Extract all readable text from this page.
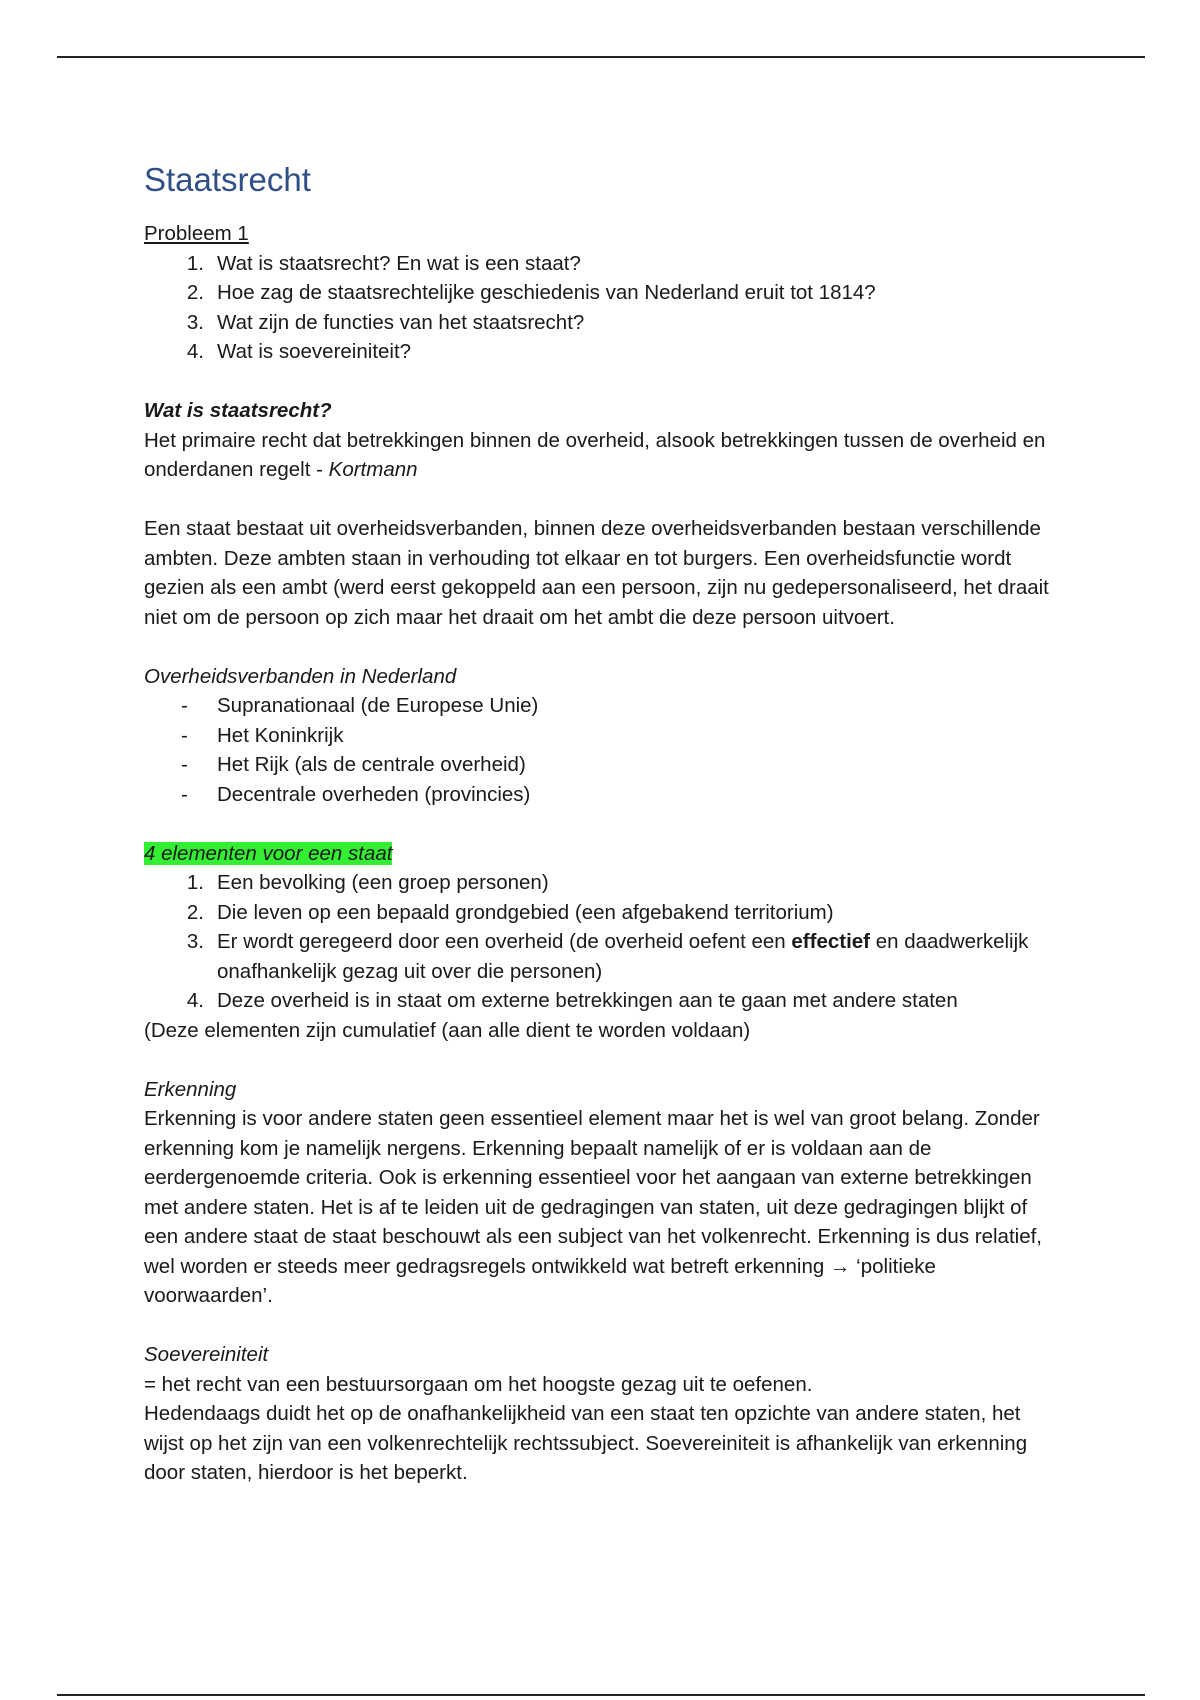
Staatsrecht

Probleem 1

1. Wat is staatsrecht? En wat is een staat?
2. Hoe zag de staatsrechtelijke geschiedenis van Nederland eruit tot 1814?
3. Wat zijn de functies van het staatsrecht?
4. Wat is soevereiniteit?

Wat is staatsrecht?

Het primaire recht dat betrekkingen binnen de overheid, alsook betrekkingen tussen de overheid en onderdanen regelt - Kortmann

Een staat bestaat uit overheidsverbanden, binnen deze overheidsverbanden bestaan verschillende ambten. Deze ambten staan in verhouding tot elkaar en tot burgers. Een overheidsfunctie wordt gezien als een ambt (werd eerst gekoppeld aan een persoon, zijn nu gedepersonaliseerd, het draait niet om de persoon op zich maar het draait om het ambt die deze persoon uitvoert.

Overheidsverbanden in Nederland

- Supranationaal (de Europese Unie)
- Het Koninkrijk
- Het Rijk (als de centrale overheid)
- Decentrale overheden (provincies)

4 elementen voor een staat

1. Een bevolking (een groep personen)
2. Die leven op een bepaald grondgebied (een afgebakend territorium)
3. Er wordt geregeerd door een overheid (de overheid oefent een effectief en daadwerkelijk onafhankelijk gezag uit over die personen)
4. Deze overheid is in staat om externe betrekkingen aan te gaan met andere staten

(Deze elementen zijn cumulatief (aan alle dient te worden voldaan)

Erkenning

Erkenning is voor andere staten geen essentieel element maar het is wel van groot belang. Zonder erkenning kom je namelijk nergens. Erkenning bepaalt namelijk of er is voldaan aan de eerdergenoemde criteria. Ook is erkenning essentieel voor het aangaan van externe betrekkingen met andere staten. Het is af te leiden uit de gedragingen van staten, uit deze gedragingen blijkt of een andere staat de staat beschouwt als een subject van het volkenrecht. Erkenning is dus relatief, wel worden er steeds meer gedragsregels ontwikkeld wat betreft erkenning → ‘politieke voorwaarden’.

Soevereiniteit

= het recht van een bestuursorgaan om het hoogste gezag uit te oefenen.

Hedendaags duidt het op de onafhankelijkheid van een staat ten opzichte van andere staten, het wijst op het zijn van een volkenrechtelijk rechtssubject. Soevereiniteit is afhankelijk van erkenning door staten, hierdoor is het beperkt.
